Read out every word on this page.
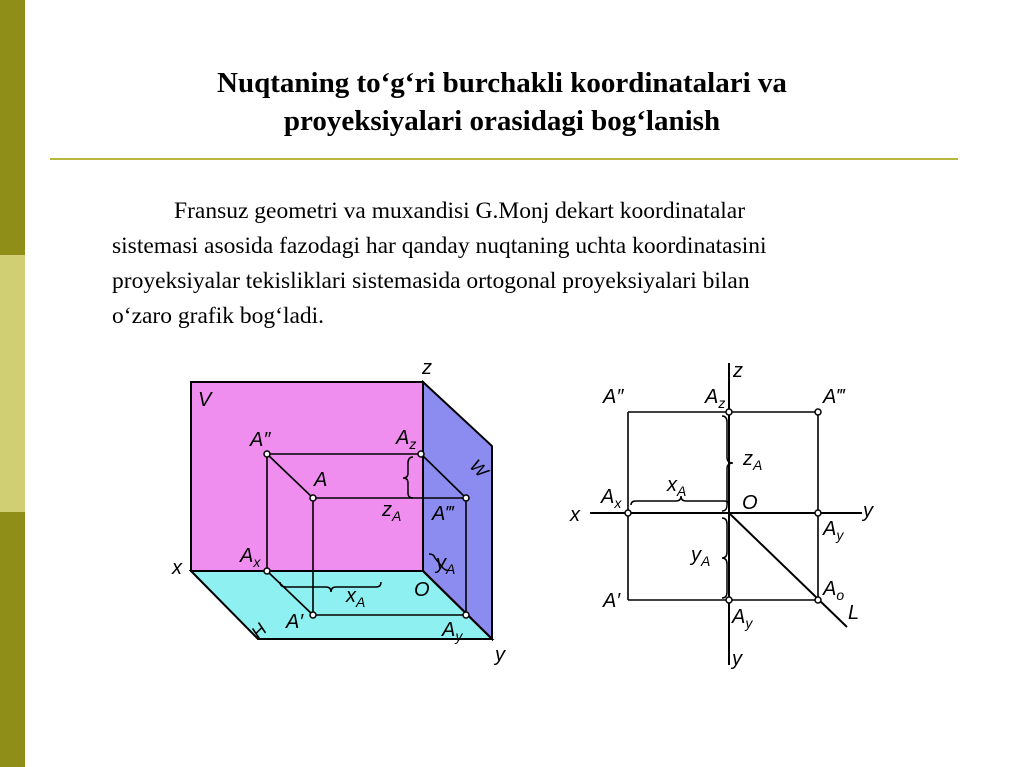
Nuqtaning to‘g‘ri burchakli koordinatalari va
proyeksiyalari orasidagi bog‘lanish
Fransuz geometri va muxandisi G.Monj dekart koordinatalar
sistemasi asosida fazodagi har qanday nuqtaning uchta koordinatasini
proyeksiyalar tekisliklari sistemasida ortogonal proyeksiyalari bilan
o‘zaro grafik bog‘ladi.
z
V
W
H
x
y
A″	$A_z$
A
$z_A$ A‴
$y_A$
$A_x$
$x_A$
O
A′	$A_y$
z
x	y
y
L
O
A″	$A_z$	A‴
$z_A$
$x_A$
$A_x$
$A_y$
$y_A$
A′
$A_o$
$A_y$
